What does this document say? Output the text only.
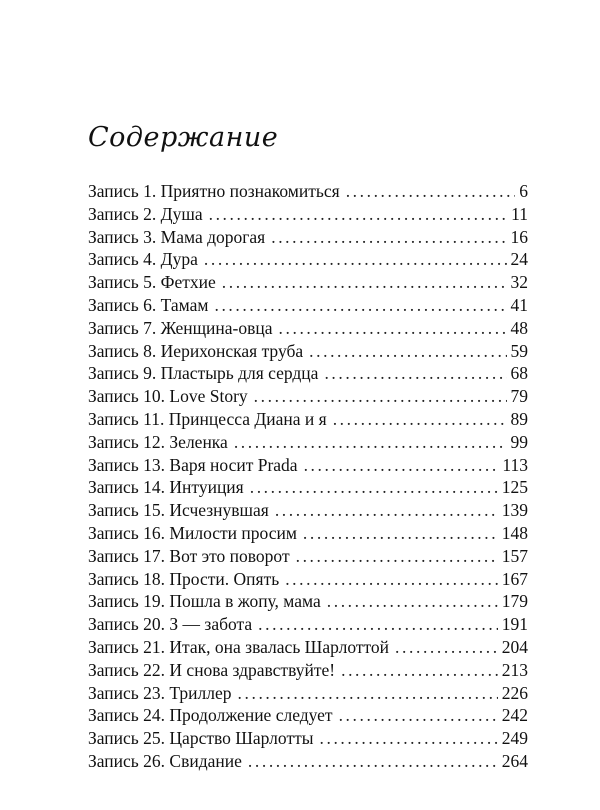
Содержание
Запись 1. Приятно познакомиться .....	6
Запись 2. Душа .....	11
Запись 3. Мама дорогая .....	16
Запись 4. Дура .....	24
Запись 5. Фетхие .....	32
Запись 6. Тамам .....	41
Запись 7. Женщина-овца .....	48
Запись 8. Иерихонская труба .....	59
Запись 9. Пластырь для сердца .....	68
Запись 10. Love Story .....	79
Запись 11. Принцесса Диана и я .....	89
Запись 12. Зеленка .....	99
Запись 13. Варя носит Prada .....	113
Запись 14. Интуиция .....	125
Запись 15. Исчезнувшая .....	139
Запись 16. Милости просим .....	148
Запись 17. Вот это поворот .....	157
Запись 18. Прости. Опять .....	167
Запись 19. Пошла в жопу, мама .....	179
Запись 20. З — забота .....	191
Запись 21. Итак, она звалась Шарлоттой .....	204
Запись 22. И снова здравствуйте! .....	213
Запись 23. Триллер .....	226
Запись 24. Продолжение следует .....	242
Запись 25. Царство Шарлотты .....	249
Запись 26. Свидание .....	264
